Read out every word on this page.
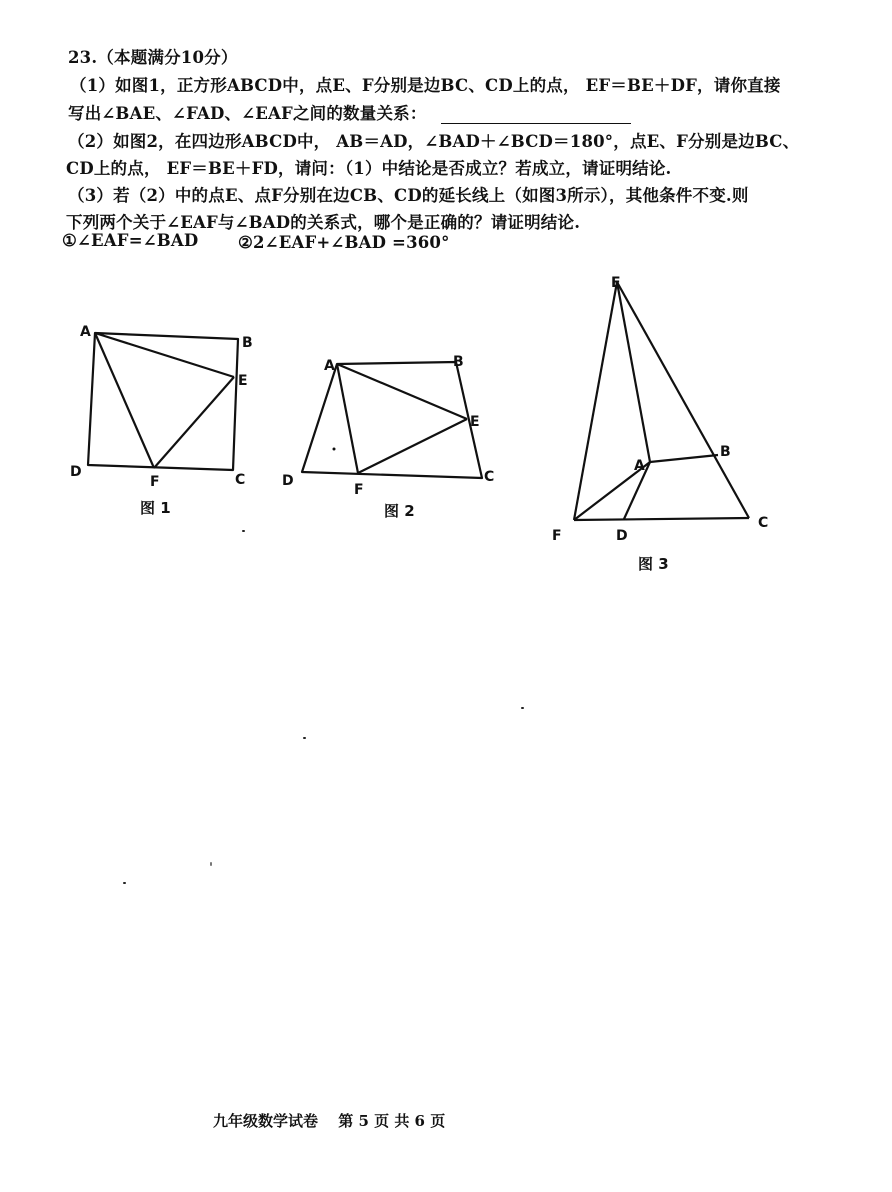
23.（本题满分10分）
（1）如图1，正方形ABCD中，点E、F分别是边BC、CD上的点， EF＝BE＋DF，请你直接
写出∠BAE、∠FAD、∠EAF之间的数量关系：
（2）如图2，在四边形ABCD中， AB＝AD，∠BAD＋∠BCD＝180°，点E、F分别是边BC、
CD上的点， EF＝BE＋FD，请问：（1）中结论是否成立？若成立，请证明结论.
（3）若（2）中的点E、点F分别在边CB、CD的延长线上（如图3所示），其他条件不变.则
下列两个关于∠EAF与∠BAD的关系式，哪个是正确的？请证明结论.
①∠EAF=∠BAD ②2∠EAF+∠BAD =360°
A
B
E
D
F	C
图 1
A	B
E
D
F
C
图 2
E
A
B
F	D
C
图 3
九年级数学试卷　 第 5 页 共 6 页
